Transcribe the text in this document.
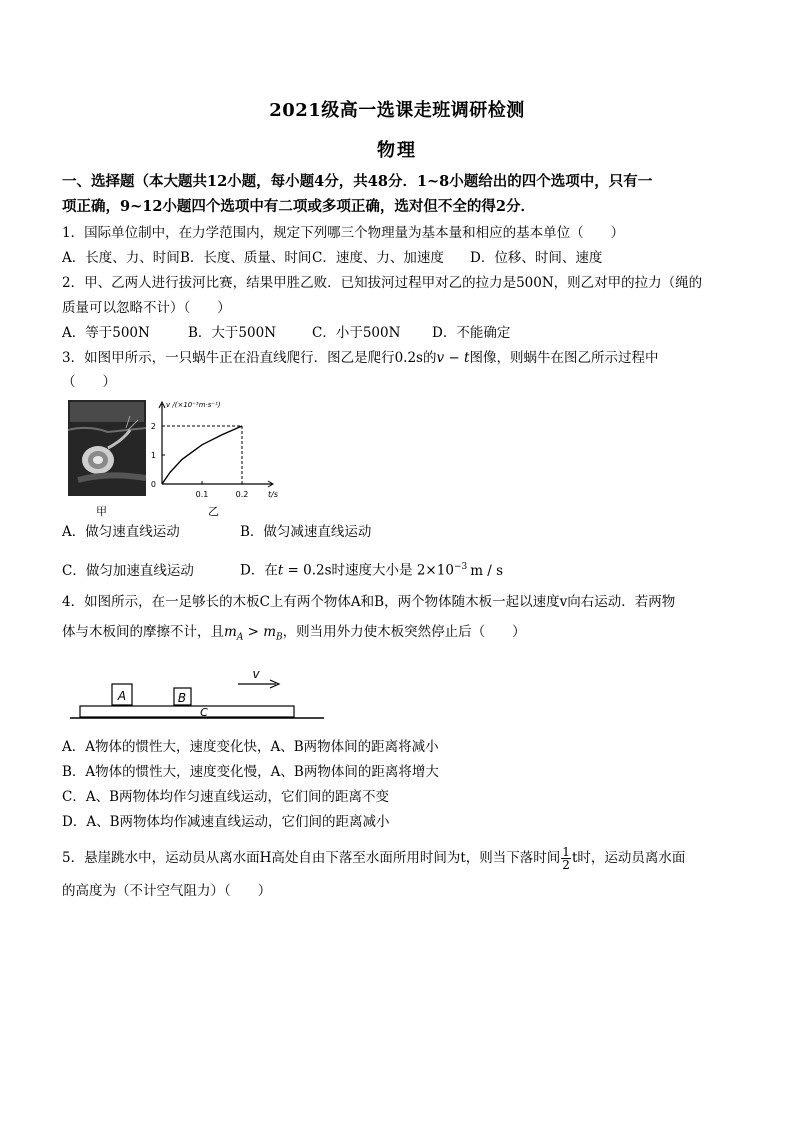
2021级高一选课走班调研检测
物理
一、选择题（本大题共12小题，每小题4分，共48分．1~8小题给出的四个选项中，只有一
项正确，9~12小题四个选项中有二项或多项正确，选对但不全的得2分．
1．国际单位制中，在力学范围内，规定下列哪三个物理量为基本量和相应的基本单位（　　）
A．长度、力、时间B．长度、质量、时间C．速度、力、加速度 D．位移、时间、速度
2．甲、乙两人进行拔河比赛，结果甲胜乙败．已知拔河过程甲对乙的拉力是500N，则乙对甲的拉力（绳的
质量可以忽略不计）（　　）
A．等于500N	B．大于500N	C．小于500N D．不能确定
3．如图甲所示，一只蜗牛正在沿直线爬行．图乙是爬行0.2s的v − t图像，则蜗牛在图乙所示过程中
（　　）
甲
v /(×10⁻³m·s⁻¹)
t/s
0.1	0.2
0
1
2
乙
A．做匀速直线运动	B．做匀减速直线运动
C．做匀加速直线运动	D．在t = 0.2s时速度大小是 $2\times 10^{-3}$ m / s
4．如图所示，在一足够长的木板C上有两个物体A和B，两个物体随木板一起以速度v向右运动．若两物
体与木板间的摩擦不计，且$m_A > m_B$，则当用外力使木板突然停止后（　　）
A	B
C
v
A．A物体的惯性大，速度变化快，A、B两物体间的距离将减小
B．A物体的惯性大，速度变化慢，A、B两物体间的距离将增大
C．A、B两物体均作匀速直线运动，它们间的距离不变
D．A、B两物体均作减速直线运动，它们间的距离减小
5．悬崖跳水中，运动员从离水面H高处自由下落至水面所用时间为t，则当下落时间 $\frac{1}{2}$ t时，运动员离水面
的高度为（不计空气阻力）（　　）
